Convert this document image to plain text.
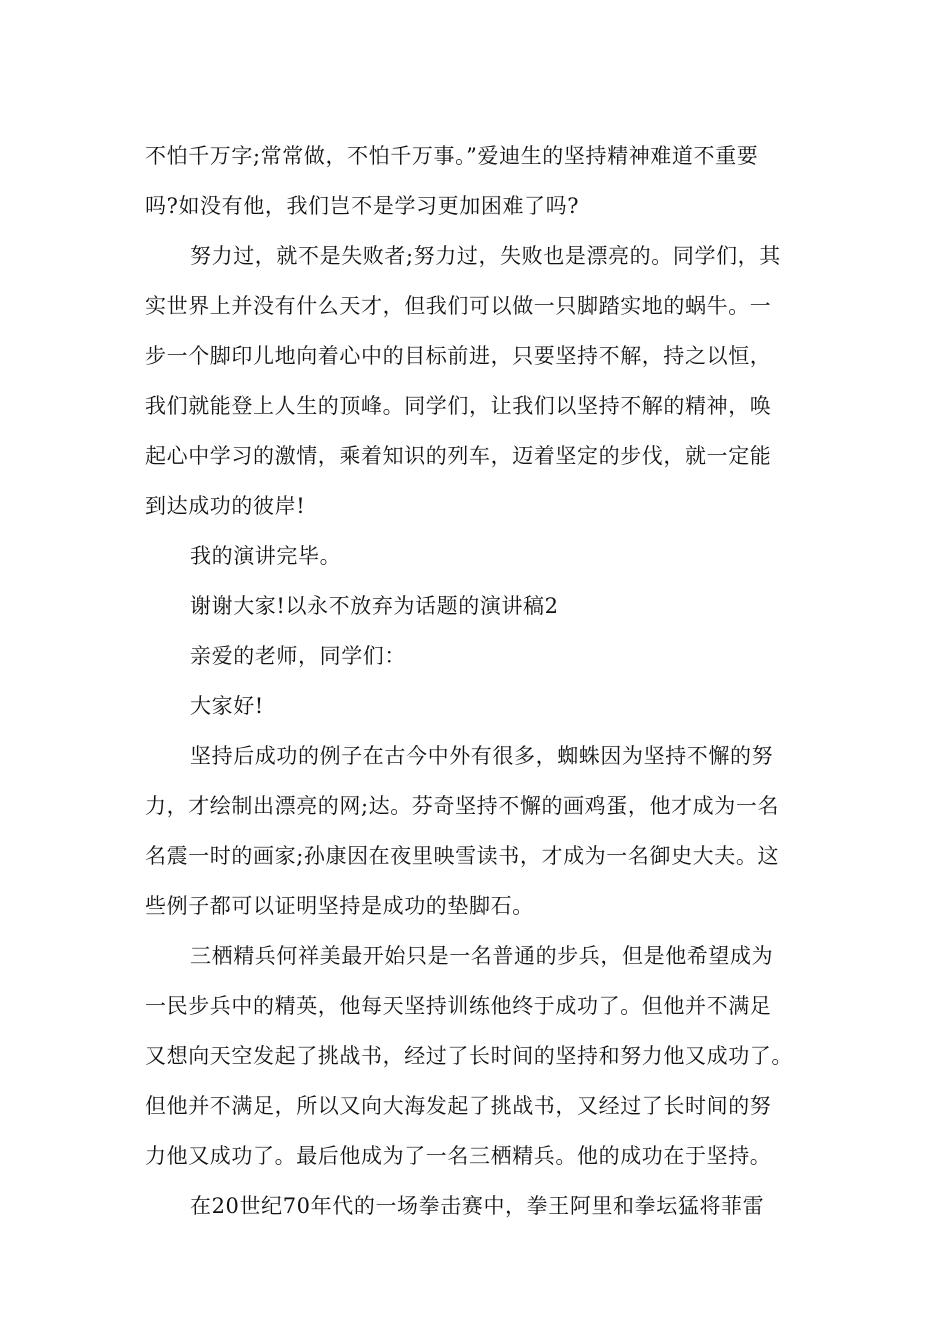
不怕千万字;常常做，不怕千万事。”爱迪生的坚持精神难道不重要
吗?如没有他，我们岂不是学习更加困难了吗?
努力过，就不是失败者;努力过，失败也是漂亮的。同学们，其
实世界上并没有什么天才，但我们可以做一只脚踏实地的蜗牛。一
步一个脚印儿地向着心中的目标前进，只要坚持不解，持之以恒，
我们就能登上人生的顶峰。同学们，让我们以坚持不解的精神，唤
起心中学习的激情，乘着知识的列车，迈着坚定的步伐，就一定能
到达成功的彼岸!
我的演讲完毕。
谢谢大家!以永不放弃为话题的演讲稿2
亲爱的老师，同学们：
大家好!
坚持后成功的例子在古今中外有很多，蜘蛛因为坚持不懈的努
力，才绘制出漂亮的网;达。芬奇坚持不懈的画鸡蛋，他才成为一名
名震一时的画家;孙康因在夜里映雪读书，才成为一名御史大夫。这
些例子都可以证明坚持是成功的垫脚石。
三栖精兵何祥美最开始只是一名普通的步兵，但是他希望成为
一民步兵中的精英，他每天坚持训练他终于成功了。但他并不满足
又想向天空发起了挑战书，经过了长时间的坚持和努力他又成功了。
但他并不满足，所以又向大海发起了挑战书，又经过了长时间的努
力他又成功了。最后他成为了一名三栖精兵。他的成功在于坚持。
在20世纪70年代的一场拳击赛中，拳王阿里和拳坛猛将菲雷
